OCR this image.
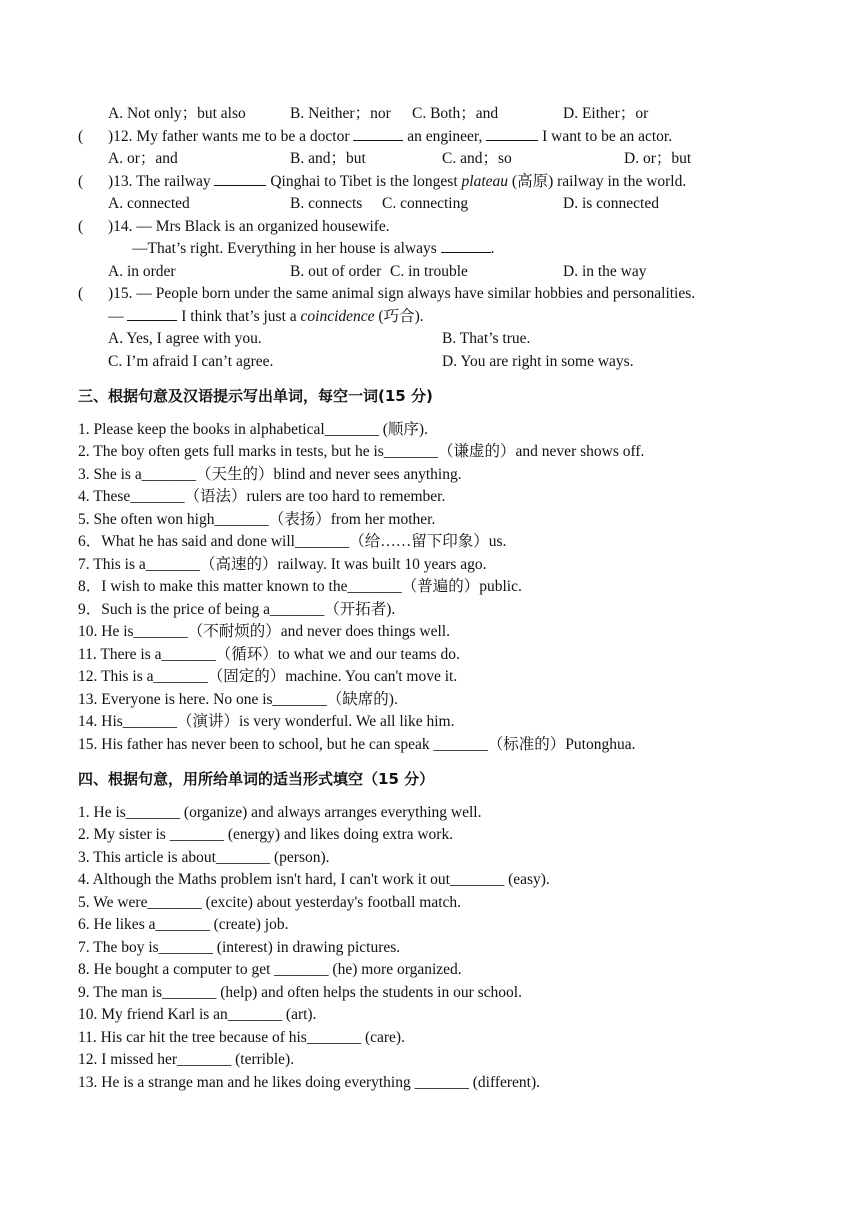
A. Not only；but also	B. Neither；nor C. Both；and	D. Either；or
( )12. My father wants me to be a doctor	an engineer,	I want to be an actor.
A. or；and	B. and；but	C. and；so	D. or；but
( )13. The railway	Qinghai to Tibet is the longest plateau (高原) railway in the world.
A. connected	B. connects C. connecting	D. is connected
( )14. — Mrs Black is an organized housewife.
—That’s right. Everything in her house is always	.
A. in order	B. out of order C. in trouble	D. in the way
( )15. — People born under the same animal sign always have similar hobbies and personalities.
—	I think that’s just a coincidence (巧合).
A. Yes, I agree with you.	B. That’s true.
C. I’m afraid I can’t agree.	D. You are right in some ways.
三、根据句意及汉语提示写出单词，每空一词(15 分)
1. Please keep the books in alphabetical_______ (顺序).
2. The boy often gets full marks in tests, but he is_______（谦虚的）and never shows off.
3. She is a_______（天生的）blind and never sees anything.
4. These_______（语法）rulers are too hard to remember.
5. She often won high_______（表扬）from her mother.
6．What he has said and done will_______（给……留下印象）us.
7. This is a_______（高速的）railway. It was built 10 years ago.
8．I wish to make this matter known to the_______（普遍的）public.
9．Such is the price of being a_______（开拓者).
10. He is_______（不耐烦的）and never does things well.
11. There is a_______（循环）to what we and our teams do.
12. This is a_______（固定的）machine. You can't move it.
13. Everyone is here. No one is_______（缺席的).
14. His_______（演讲）is very wonderful. We all like him.
15. His father has never been to school, but he can speak _______（标准的）Putonghua.
四、根据句意，用所给单词的适当形式填空（15 分）
1. He is_______ (organize) and always arranges everything well.
2. My sister is _______ (energy) and likes doing extra work.
3. This article is about_______ (person).
4. Although the Maths problem isn't hard, I can't work it out_______ (easy).
5. We were_______ (excite) about yesterday's football match.
6. He likes a_______ (create) job.
7. The boy is_______ (interest) in drawing pictures.
8. He bought a computer to get _______ (he) more organized.
9. The man is_______ (help) and often helps the students in our school.
10. My friend Karl is an_______ (art).
11. His car hit the tree because of his_______ (care).
12. I missed her_______ (terrible).
13. He is a strange man and he likes doing everything _______ (different).
